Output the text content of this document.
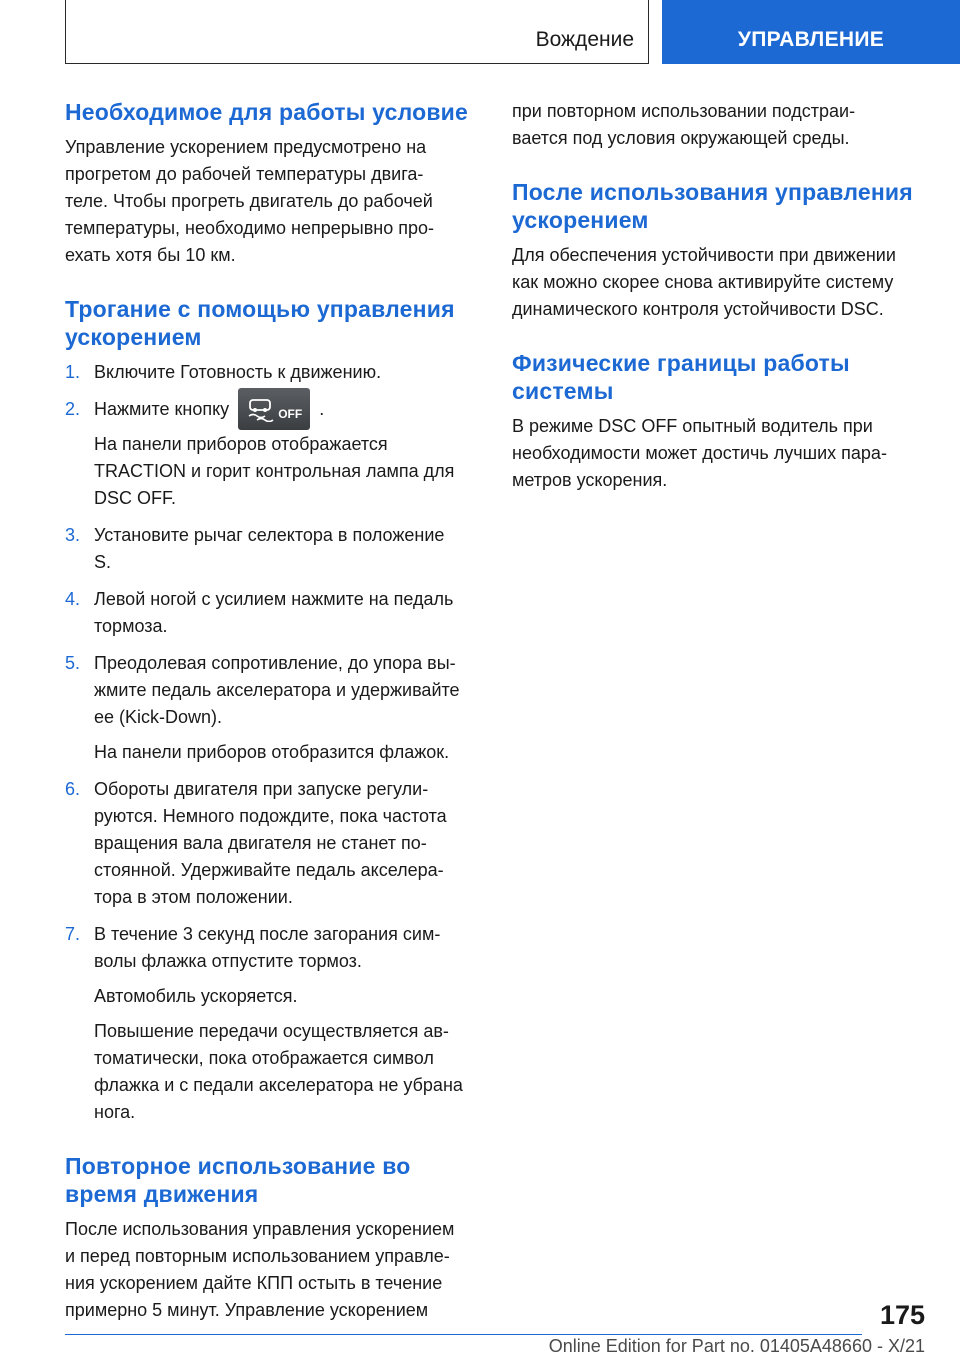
Вождение	УПРАВЛЕНИЕ
Необходимое для работы условие

Управление ускорением предусмотрено на
прогретом до рабочей температуры двига-
теле. Чтобы прогреть двигатель до рабочей
температуры, необходимо непрерывно про-
ехать хотя бы 10 км.

Трогание с помощью управления
ускорением
1. Включите Готовность к движению.

2. Нажмите кнопку	OFF .

На панели приборов отображается
TRACTION и горит контрольная лампа для
DSC OFF.

3. Установите рычаг селектора в положение
S.

4. Левой ногой с усилием нажмите на педаль
тормоза.

5. Преодолевая сопротивление, до упора вы-
жмите педаль акселератора и удерживайте
ее (Kick-Down).

На панели приборов отобразится флажок.

6. Обороты двигателя при запуске регули-
руются. Немного подождите, пока частота
вращения вала двигателя не станет по-
стоянной. Удерживайте педаль акселера-
тора в этом положении.

7. В течение 3 секунд после загорания сим-
волы флажка отпустите тормоз.

Автомобиль ускоряется.

Повышение передачи осуществляется ав-
томатически, пока отображается символ
флажка и с педали акселератора не убрана
нога.

Повторное использование во
время движения

После использования управления ускорением
и перед повторным использованием управле-
ния ускорением дайте КПП остыть в течение
примерно 5 минут. Управление ускорением

при повторном использовании подстраи-
вается под условия окружающей среды.

После использования управления
ускорением

Для обеспечения устойчивости при движении
как можно скорее снова активируйте систему
динамического контроля устойчивости DSC.

Физические границы работы
системы

В режиме DSC OFF опытный водитель при
необходимости может достичь лучших пара-
метров ускорения.

175
Online Edition for Part no. 01405A48660 - X/21
